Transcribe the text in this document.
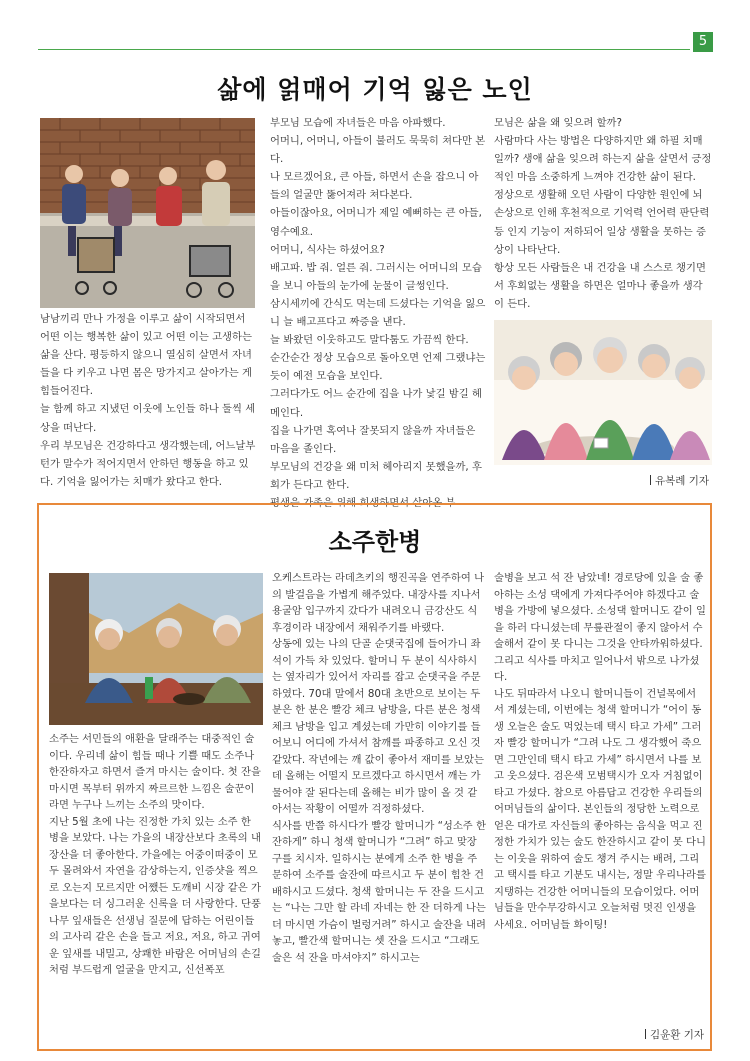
5
삶에 얽매어 기억 잃은 노인

남남끼리 만나 가정을 이루고 삶이 시작되면서 어떤 이는 행복한 삶이 있고 어떤 이는 고생하는 삶을 산다. 평등하지 않으니 열심히 살면서 자녀들을 다 키우고 나면 몸은 망가지고 살아가는 게 힘들어진다.
늘 함께 하고 지냈던 이웃에 노인들 하나 둘씩 세상을 떠난다.
우리 부모님은 건강하다고 생각했는데, 어느날부턴가 말수가 적어지면서 안하던 행동을 하고 있다. 기억을 잃어가는 치매가 왔다고 한다.

부모님 모습에 자녀들은 마음 아파했다.
어머니, 어머니, 아들이 불러도 묵묵히 쳐다만 본다.
나 모르겠어요, 큰 아들, 하면서 손을 잡으니 아들의 얼굴만 뚫어져라 쳐다본다.
아들이잖아요, 어머니가 제일 예뻐하는 큰 아들, 영수예요.
어머니, 식사는 하셨어요?
배고파. 밥 줘. 얼른 줘. 그러시는 어머니의 모습을 보니 아들의 눈가에 눈물이 글썽인다.
삼시세끼에 간식도 먹는데 드셨다는 기억을 잃으니 늘 배고프다고 짜증을 낸다.
늘 봐왔던 이웃하고도 말다툼도 가끔씩 한다.
순간순간 정상 모습으로 돌아오면 언제 그랬냐는 듯이 예전 모습을 보인다.
그러다가도 어느 순간에 집을 나가 낯길 밤길 헤메인다.
집을 나가면 혹여나 잘못되지 않을까 자녀들은 마음을 졸인다.
부모님의 건강을 왜 미처 헤아리지 못했을까, 후회가 든다고 한다.
평생을 가족을 위해 희생하면서 살아온 부

모님은 삶을 왜 잊으려 할까?
사람마다 사는 방법은 다양하지만 왜 하필 치매일까? 생애 삶을 잊으려 하는지 삶을 살면서 긍정적인 마음 소중하게 느껴야 건강한 삶이 된다.
정상으로 생활해 오던 사람이 다양한 원인에 뇌 손상으로 인해 후천적으로 기억력 언어력 판단력 등 인지 기능이 저하되어 일상 생활을 못하는 증상이 나타난다.
항상 모든 사람들은 내 건강을 내 스스로 챙기면서 후회없는 생활을 하면은 얼마나 좋을까 생각이 든다.

유복례 기자
소주한병

소주는 서민들의 애환을 달래주는 대중적인 술이다. 우리네 삶이 힘들 때나 기쁠 때도 소주나 한잔하자고 하면서 즐겨 마시는 술이다. 첫 잔을 마시면 목부터 위까지 짜르르한 느낌은 술꾼이라면 누구나 느끼는 소주의 맛이다.
지난 5월 초에 나는 진정한 가치 있는 소주 한 병을 보았다. 나는 가을의 내장산보다 초록의 내장산을 더 좋아한다. 가을에는 어중이떠중이 모두 몰려와서 자연을 감상하는지, 인증샷을 찍으로 오는지 모르지만 어쨌든 도깨비 시장 같은 가을보다는 더 싱그러운 신록을 더 사랑한다. 단풍나무 잎새들은 선생님 질문에 답하는 어린이들의 고사리 같은 손을 들고 저요, 저요, 하고 귀여운 잎새를 내밀고, 상쾌한 바람은 어머님의 손길처럼 부드럽게 얼굴을 만지고, 신선폭포

오케스트라는 라데츠키의 행진곡을 연주하여 나의 발걸음을 가볍게 해주었다. 내장사를 지나서 용굴암 입구까지 갔다가 내려오니 금강산도 식후경이라 내장에서 채워주기를 바랬다.
상동에 있는 나의 단골 순댓국집에 들어가니 좌석이 가득 차 있었다. 할머니 두 분이 식사하시는 옆자리가 있어서 자리를 잡고 순댓국을 주문하였다. 70대 말에서 80대 초반으로 보이는 두 분은 한 분은 빨강 체크 남방을, 다른 분은 청색 체크 남방을 입고 계셨는데 가만히 이야기를 들어보니 어디에 가셔서 참깨를 파종하고 오신 것 같았다. 작년에는 깨 값이 좋아서 재미를 보았는데 올해는 어떨지 모르겠다고 하시면서 깨는 가물어야 잘 된다는데 올해는 비가 많이 올 것 같아서는 작황이 어떨까 걱정하셨다.
식사를 반쯤 하시다가 빨강 할머니가 “성소주 한잔하게” 하니 청색 할머니가 “그려” 하고 맞장구를 치시자. 일하시는 분에게 소주 한 병을 주문하여 소주를 술잔에 따르시고 두 분이 힘찬 건배하시고 드셨다. 청색 할머니는 두 잔을 드시고는 “나는 그만 할 라네 자네는 한 잔 더하게 나는 더 마시면 가슴이 벌렁거려” 하시고 술잔을 내려놓고, 빨간색 할머니는 셋 잔을 드시고 “그래도 술은 석 잔을 마셔야지” 하시고는

술병을 보고 석 잔 남았네! 경로당에 있을 술 좋아하는 소성 댁에게 가져다주어야 하겠다고 술병을 가방에 넣으셨다. 소성댁 할머니도 같이 일을 하러 다니셨는데 무릎관절이 좋지 않아서 수술해서 같이 못 다니는 그것을 안타까워하셨다. 그리고 식사를 마치고 일어나서 밖으로 나가셨다.
나도 뒤따라서 나오니 할머니들이 건널목에서 서 계셨는데, 이번에는 청색 할머니가 “어이 동생 오늘은 술도 먹었는데 택시 타고 가세” 그러자 빨강 할머니가 “그려 나도 그 생각했어 죽으면 그만인데 택시 타고 가세” 하시면서 나를 보고 웃으셨다. 검은색 모범택시가 오자 거침없이 타고 가셨다. 참으로 아름답고 건강한 우리들의 어머님들의 삶이다. 본인들의 정당한 노력으로 얻은 대가로 자신들의 좋아하는 음식을 먹고 진정한 가치가 있는 술도 한잔하시고 같이 못 다니는 이웃을 위하여 술도 챙겨 주시는 배려, 그리고 택시를 타고 기분도 내시는, 정말 우리나라를 지탱하는 건강한 어머니들의 모습이었다. 어머님들을 만수무강하시고 오늘처럼 멋진 인생을 사세요. 어머님들 화이팅!

김윤환 기자
